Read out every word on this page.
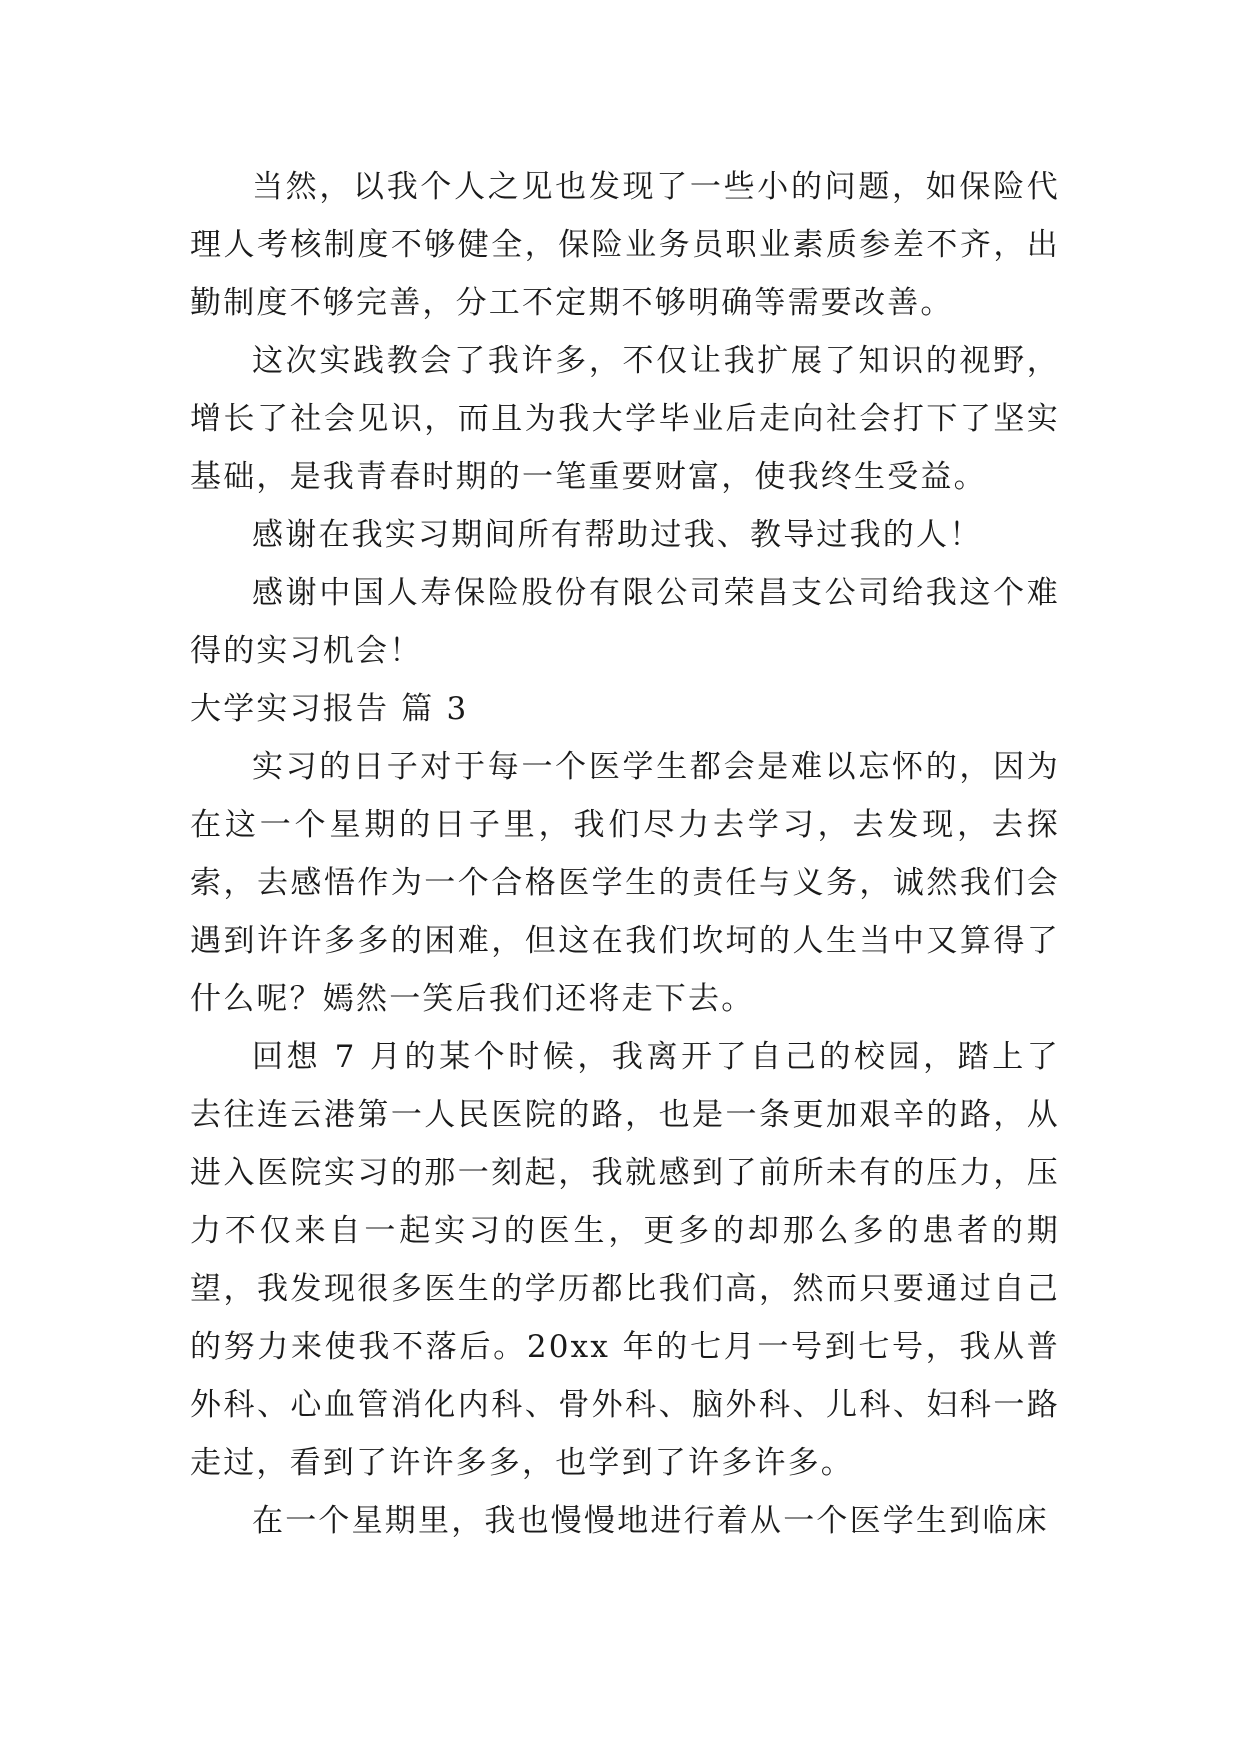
当然，以我个人之见也发现了一些小的问题，如保险代理人考核制度不够健全，保险业务员职业素质参差不齐，出勤制度不够完善，分工不定期不够明确等需要改善。

这次实践教会了我许多，不仅让我扩展了知识的视野，增长了社会见识，而且为我大学毕业后走向社会打下了坚实基础，是我青春时期的一笔重要财富，使我终生受益。

感谢在我实习期间所有帮助过我、教导过我的人！

感谢中国人寿保险股份有限公司荣昌支公司给我这个难得的实习机会！

大学实习报告 篇 3

实习的日子对于每一个医学生都会是难以忘怀的，因为在这一个星期的日子里，我们尽力去学习，去发现，去探索，去感悟作为一个合格医学生的责任与义务，诚然我们会遇到许许多多的困难，但这在我们坎坷的人生当中又算得了什么呢？嫣然一笑后我们还将走下去。

回想 7 月的某个时候，我离开了自己的校园，踏上了去往连云港第一人民医院的路，也是一条更加艰辛的路，从进入医院实习的那一刻起，我就感到了前所未有的压力，压力不仅来自一起实习的医生，更多的却那么多的患者的期望，我发现很多医生的学历都比我们高，然而只要通过自己的努力来使我不落后。20xx 年的七月一号到七号，我从普外科、心血管消化内科、骨外科、脑外科、儿科、妇科一路走过，看到了许许多多，也学到了许多许多。

在一个星期里，我也慢慢地进行着从一个医学生到临床
